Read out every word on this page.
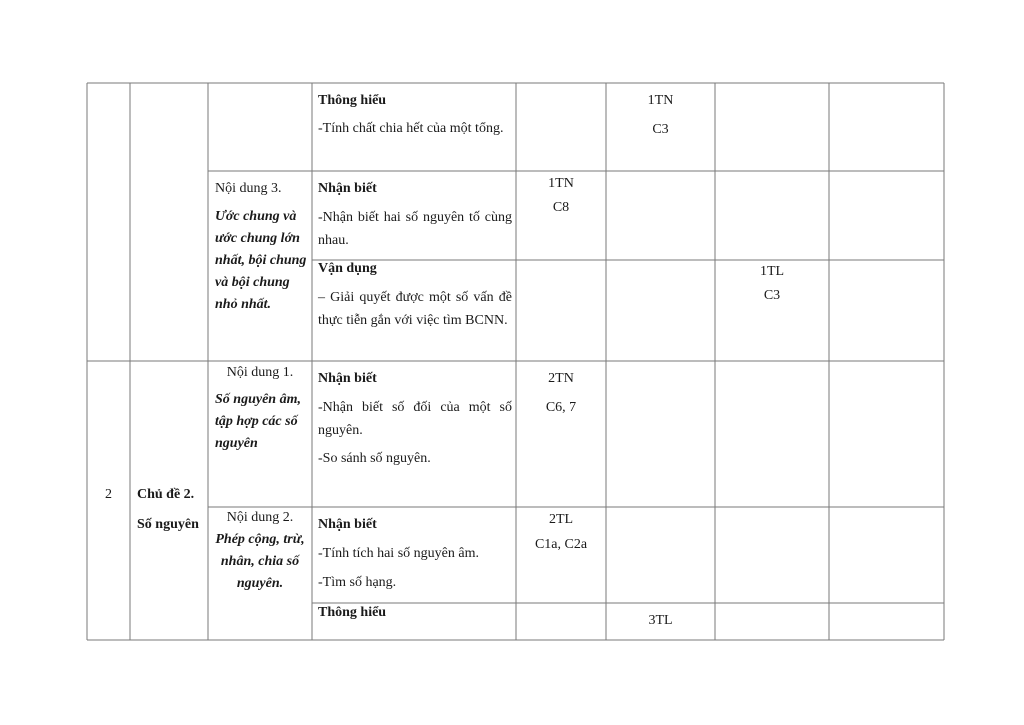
Thông hiểu
-Tính chất chia hết của một tổng.
1TN
C3
Nội dung 3.
Ước chung và ước chung lớn nhất, bội chung và bội chung nhỏ nhất.
Nhận biết
-Nhận biết hai số nguyên tố cùng nhau.
1TN
C8
Vận dụng
– Giải quyết được một số vấn đề thực tiễn gắn với việc tìm BCNN.
1TL
C3
2	Chủ đề 2.
Số nguyên
Nội dung 1.
Số nguyên âm, tập hợp các số nguyên
Nhận biết
-Nhận biết số đối của một số nguyên.
-So sánh số nguyên.
2TN
C6, 7
Nội dung 2.
Phép cộng, trừ, nhân, chia số nguyên.
Nhận biết
-Tính tích hai số nguyên âm.
-Tìm số hạng.
2TL
C1a, C2a
Thông hiểu
3TL
